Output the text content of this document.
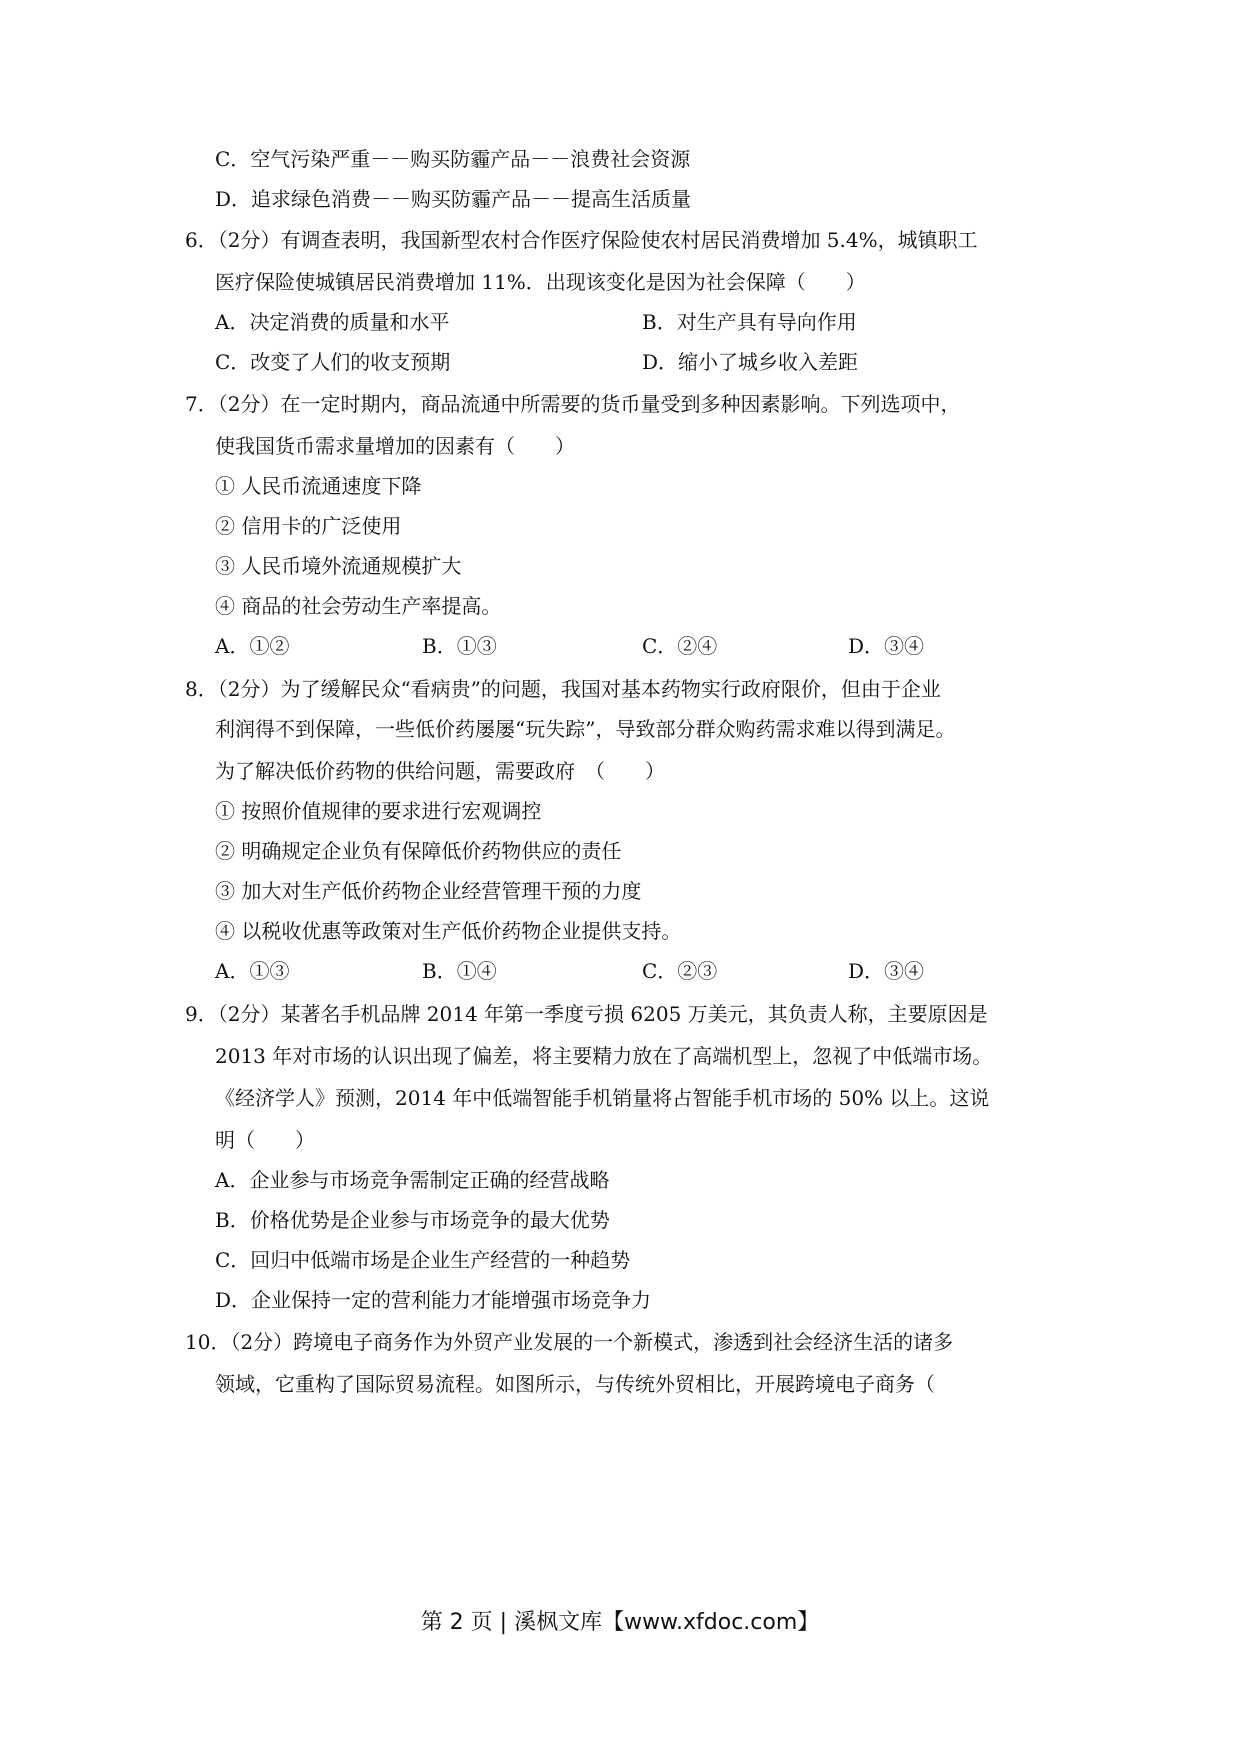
C．空气污染严重－－购买防霾产品－－浪费社会资源
D．追求绿色消费－－购买防霾产品－－提高生活质量
6．（2分）有调查表明，我国新型农村合作医疗保险使农村居民消费增加 5.4%，城镇职工
医疗保险使城镇居民消费增加 11%．出现该变化是因为社会保障（　　）
A．决定消费的质量和水平	B．对生产具有导向作用
C．改变了人们的收支预期	D．缩小了城乡收入差距
7．（2分）在一定时期内，商品流通中所需要的货币量受到多种因素影响。下列选项中，
使我国货币需求量增加的因素有（　　）
① 人民币流通速度下降
② 信用卡的广泛使用
③ 人民币境外流通规模扩大
④ 商品的社会劳动生产率提高。
A．①②	B．①③	C．②④	D．③④
8．（2分）为了缓解民众“看病贵”的问题，我国对基本药物实行政府限价，但由于企业
利润得不到保障，一些低价药屡屡“玩失踪”，导致部分群众购药需求难以得到满足。
为了解决低价药物的供给问题，需要政府　（　　）
① 按照价值规律的要求进行宏观调控
② 明确规定企业负有保障低价药物供应的责任
③ 加大对生产低价药物企业经营管理干预的力度
④ 以税收优惠等政策对生产低价药物企业提供支持。
A．①③	B．①④	C．②③	D．③④
9．（2分）某著名手机品牌 2014 年第一季度亏损 6205 万美元，其负责人称，主要原因是
2013 年对市场的认识出现了偏差，将主要精力放在了高端机型上，忽视了中低端市场。
《经济学人》预测，2014 年中低端智能手机销量将占智能手机市场的 50% 以上。这说
明（　　）
A．企业参与市场竞争需制定正确的经营战略
B．价格优势是企业参与市场竞争的最大优势
C．回归中低端市场是企业生产经营的一种趋势
D．企业保持一定的营利能力才能增强市场竞争力
10．（2分）跨境电子商务作为外贸产业发展的一个新模式，渗透到社会经济生活的诸多
领域，它重构了国际贸易流程。如图所示，与传统外贸相比，开展跨境电子商务（
第 2 页 | 溪枫文库【www.xfdoc.com】
